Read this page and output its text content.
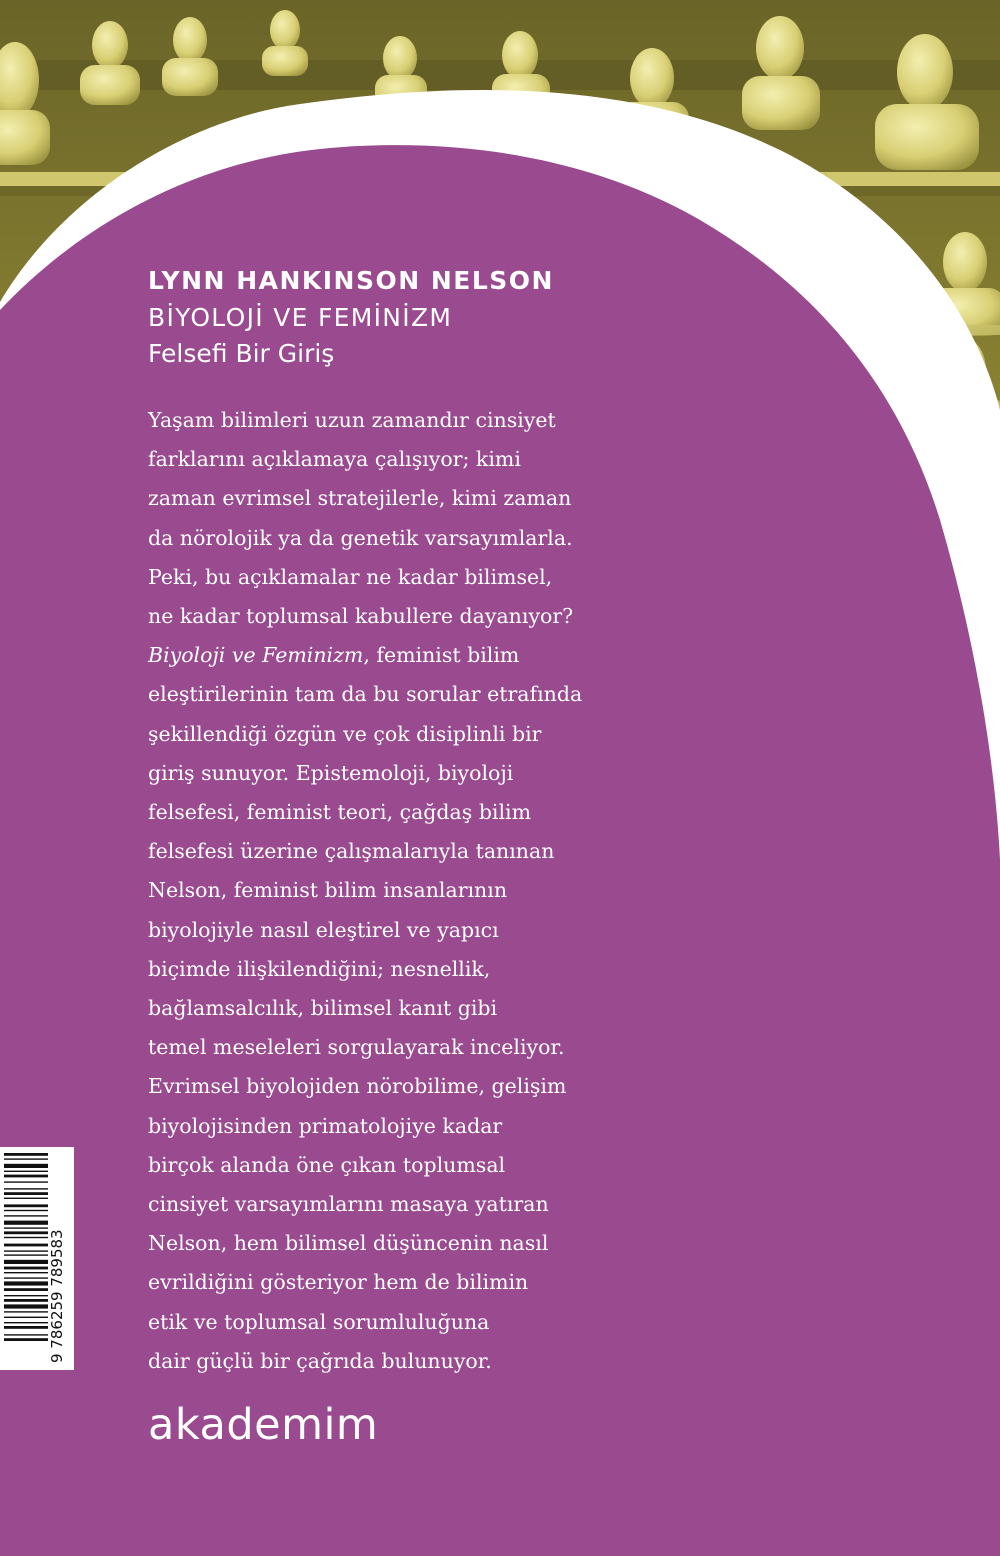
LYNN HANKINSON NELSON
BİYOLOJİ VE FEMİNİZM
Felsefi Bir Giriş

Yaşam bilimleri uzun zamandır cinsiyet
farklarını açıklamaya çalışıyor; kimi
zaman evrimsel stratejilerle, kimi zaman
da nörolojik ya da genetik varsayımlarla.
Peki, bu açıklamalar ne kadar bilimsel,
ne kadar toplumsal kabullere dayanıyor?
Biyoloji ve Feminizm, feminist bilim
eleştirilerinin tam da bu sorular etrafında
şekillendiği özgün ve çok disiplinli bir
giriş sunuyor. Epistemoloji, biyoloji
felsefesi, feminist teori, çağdaş bilim
felsefesi üzerine çalışmalarıyla tanınan
Nelson, feminist bilim insanlarının
biyolojiyle nasıl eleştirel ve yapıcı
biçimde ilişkilendiğini; nesnellik,
bağlamsalcılık, bilimsel kanıt gibi
temel meseleleri sorgulayarak inceliyor.
Evrimsel biyolojiden nörobilime, gelişim
biyolojisinden primatolojiye kadar
birçok alanda öne çıkan toplumsal
cinsiyet varsayımlarını masaya yatıran
Nelson, hem bilimsel düşüncenin nasıl
evrildiğini gösteriyor hem de bilimin
etik ve toplumsal sorumluluğuna
dair güçlü bir çağrıda bulunuyor.

9 786259 789583

akademim
